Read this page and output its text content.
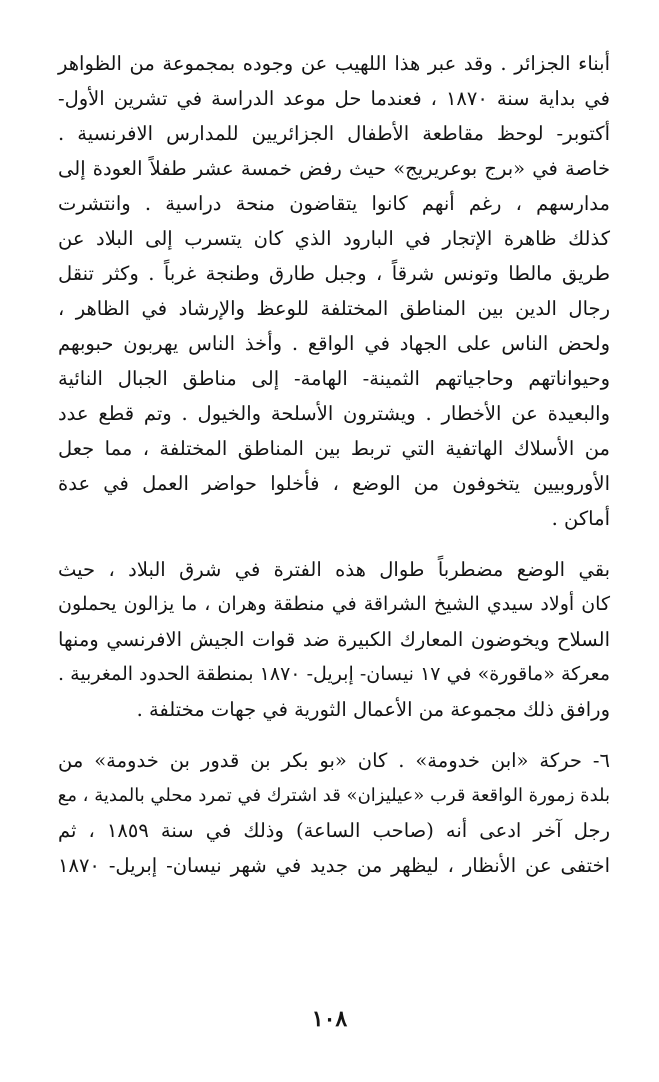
أبناء الجزائر . وقد عبر هذا اللهيب عن وجوده بمجموعة من الظواهر
في بداية سنة ١٨٧٠ ، فعندما حل موعد الدراسة في تشرين الأول-
أكتوبر- لوحظ مقاطعة الأطفال الجزائريين للمدارس الافرنسية .
خاصة في «برج بوعريريج» حيث رفض خمسة عشر طفلاً العودة إلى
مدارسهم ، رغم أنهم كانوا يتقاضون منحة دراسية . وانتشرت
كذلك ظاهرة الإتجار في البارود الذي كان يتسرب إلى البلاد عن
طريق مالطا وتونس شرقاً ، وجبل طارق وطنجة غرباً . وكثر تنقل
رجال الدين بين المناطق المختلفة للوعظ والإرشاد في الظاهر ،
ولحض الناس على الجهاد في الواقع . وأخذ الناس يهربون حبوبهم
وحيواناتهم وحاجياتهم الثمينة- الهامة- إلى مناطق الجبال النائية
والبعيدة عن الأخطار . ويشترون الأسلحة والخيول . وتم قطع عدد
من الأسلاك الهاتفية التي تربط بين المناطق المختلفة ، مما جعل
الأوروبيين يتخوفون من الوضع ، فأخلوا حواضر العمل في عدة
أماكن .
بقي الوضع مضطرباً طوال هذه الفترة في شرق البلاد ، حيث
كان أولاد سيدي الشيخ الشراقة في منطقة وهران ، ما يزالون يحملون
السلاح ويخوضون المعارك الكبيرة ضد قوات الجيش الافرنسي ومنها
معركة «ماقورة» في ١٧ نيسان- إبريل- ١٨٧٠ بمنطقة الحدود المغربية .
ورافق ذلك مجموعة من الأعمال الثورية في جهات مختلفة .
٦- حركة «ابن خدومة» . كان «بو بكر بن قدور بن خدومة» من
بلدة زمورة الواقعة قرب «عيليزان» قد اشترك في تمرد محلي بالمدية ، مع
رجل آخر ادعى أنه (صاحب الساعة) وذلك في سنة ١٨٥٩ ، ثم
اختفى عن الأنظار ، ليظهر من جديد في شهر نيسان- إبريل- ١٨٧٠
١٠٨
